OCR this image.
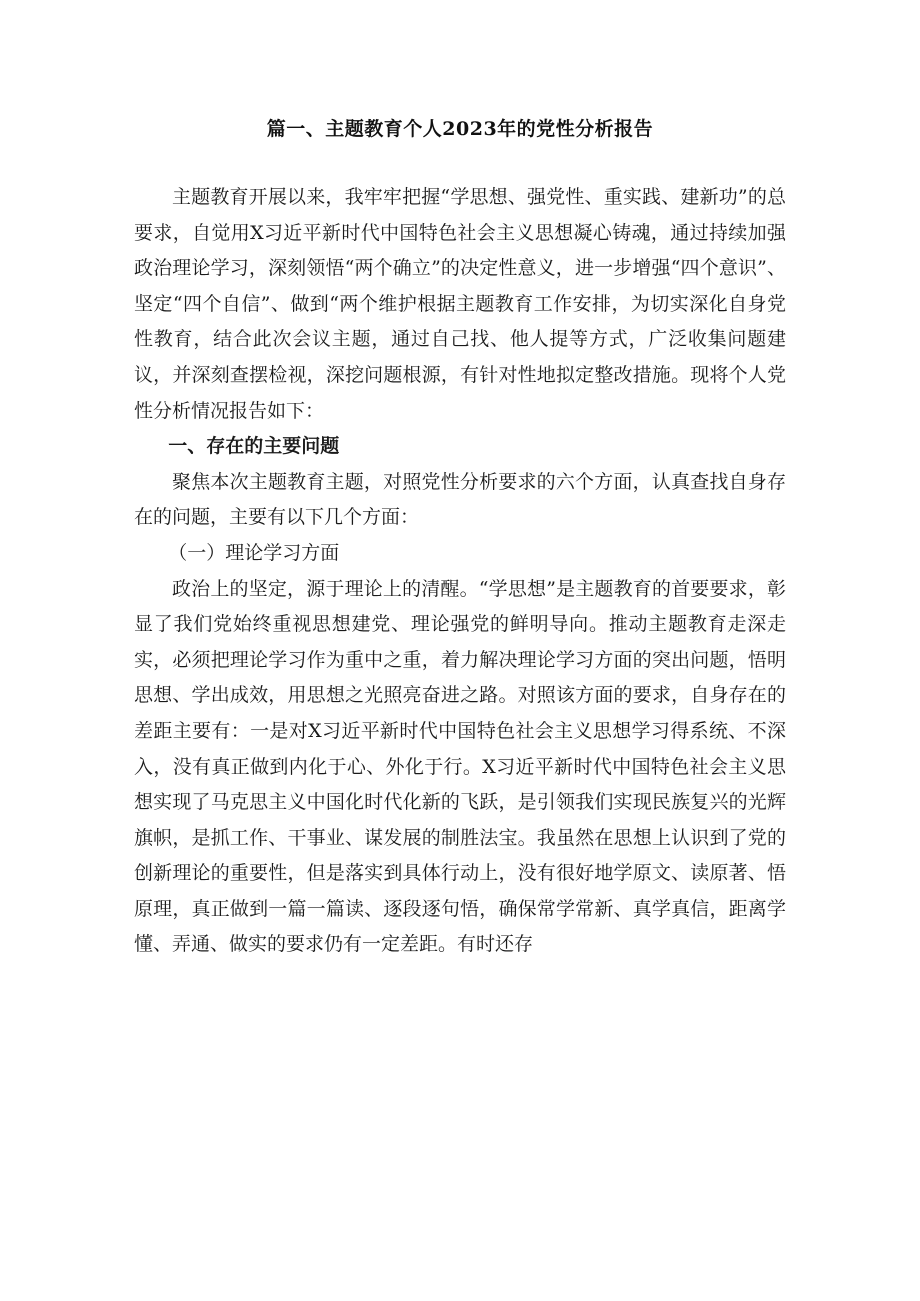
篇一、主题教育个人2023年的党性分析报告

主题教育开展以来，我牢牢把握“学思想、强党性、重实践、建新功”的总要求，自觉用X习近平新时代中国特色社会主义思想凝心铸魂，通过持续加强政治理论学习，深刻领悟“两个确立”的决定性意义，进一步增强“四个意识”、坚定“四个自信”、做到“两个维护根据主题教育工作安排，为切实深化自身党性教育，结合此次会议主题，通过自己找、他人提等方式，广泛收集问题建议，并深刻查摆检视，深挖问题根源，有针对性地拟定整改措施。现将个人党性分析情况报告如下：

一、存在的主要问题

聚焦本次主题教育主题，对照党性分析要求的六个方面，认真查找自身存在的问题，主要有以下几个方面：

（一）理论学习方面

政治上的坚定，源于理论上的清醒。“学思想”是主题教育的首要要求，彰显了我们党始终重视思想建党、理论强党的鲜明导向。推动主题教育走深走实，必须把理论学习作为重中之重，着力解决理论学习方面的突出问题，悟明思想、学出成效，用思想之光照亮奋进之路。对照该方面的要求，自身存在的差距主要有：一是对X习近平新时代中国特色社会主义思想学习得系统、不深入，没有真正做到内化于心、外化于行。X习近平新时代中国特色社会主义思想实现了马克思主义中国化时代化新的飞跃，是引领我们实现民族复兴的光辉旗帜，是抓工作、干事业、谋发展的制胜法宝。我虽然在思想上认识到了党的创新理论的重要性，但是落实到具体行动上，没有很好地学原文、读原著、悟原理，真正做到一篇一篇读、逐段逐句悟，确保常学常新、真学真信，距离学懂、弄通、做实的要求仍有一定差距。有时还存
